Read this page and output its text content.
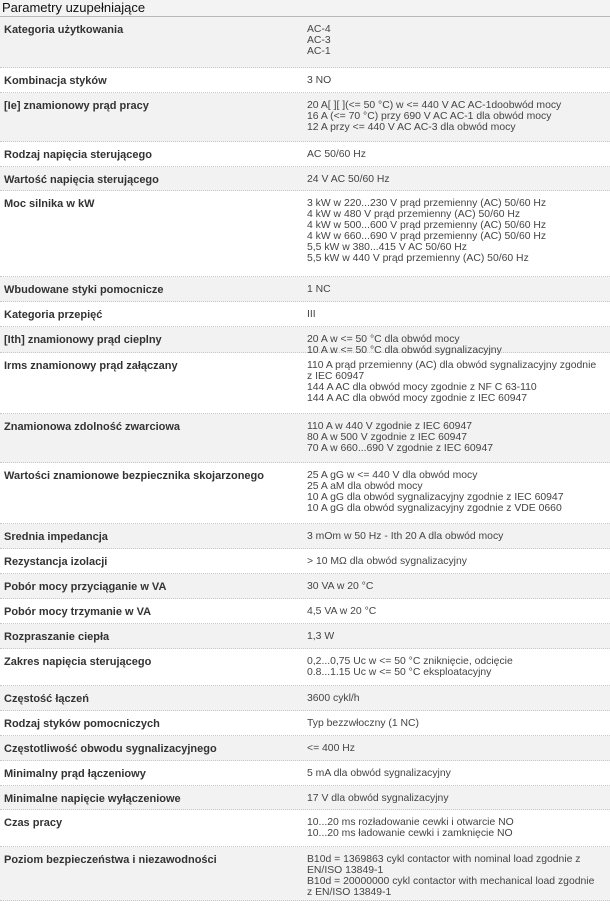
Parametry uzupełniające
Kategoria użytkowania	AC-4
AC-3
AC-1
Kombinacja styków	3 NO
[Ie] znamionowy prąd pracy	20 A[ ][ ](<= 50 °C) w <= 440 V AC AC-1doobwód mocy
16 A (<= 70 °C) przy 690 V AC AC-1 dla obwód mocy
12 A przy <= 440 V AC AC-3 dla obwód mocy
Rodzaj napięcia sterującego	AC 50/60 Hz
Wartość napięcia sterującego	24 V AC 50/60 Hz
Moc silnika w kW	3 kW w 220...230 V prąd przemienny (AC) 50/60 Hz
4 kW w 480 V prąd przemienny (AC) 50/60 Hz
4 kW w 500...600 V prąd przemienny (AC) 50/60 Hz
4 kW w 660...690 V prąd przemienny (AC) 50/60 Hz
5,5 kW w 380...415 V AC 50/60 Hz
5,5 kW w 440 V prąd przemienny (AC) 50/60 Hz
Wbudowane styki pomocnicze	1 NC
Kategoria przepięć	III
[Ith] znamionowy prąd cieplny	20 A w <= 50 °C dla obwód mocy
10 A w <= 50 °C dla obwód sygnalizacyjny
Irms znamionowy prąd załączany	110 A prąd przemienny (AC) dla obwód sygnalizacyjny zgodnie z IEC 60947
144 A AC dla obwód mocy zgodnie z NF C 63-110
144 A AC dla obwód mocy zgodnie z IEC 60947
Znamionowa zdolność zwarciowa	110 A w 440 V zgodnie z IEC 60947
80 A w 500 V zgodnie z IEC 60947
70 A w 660...690 V zgodnie z IEC 60947
Wartości znamionowe bezpiecznika skojarzonego	25 A gG w <= 440 V dla obwód mocy
25 A aM dla obwód mocy
10 A gG dla obwód sygnalizacyjny zgodnie z IEC 60947
10 A gG dla obwód sygnalizacyjny zgodnie z VDE 0660
Srednia impedancja	3 mOm w 50 Hz - Ith 20 A dla obwód mocy
Rezystancja izolacji	> 10 MΩ dla obwód sygnalizacyjny
Pobór mocy przyciąganie w VA	30 VA w 20 °C
Pobór mocy trzymanie w VA	4,5 VA w 20 °C
Rozpraszanie ciepła	1,3 W
Zakres napięcia sterującego	0,2...0,75 Uc w <= 50 °C zniknięcie, odcięcie
0.8...1.15 Uc w <= 50 °C eksploatacyjny
Częstość łączeń	3600 cykl/h
Rodzaj styków pomocniczych	Typ bezzwłoczny (1 NC)
Częstotliwość obwodu sygnalizacyjnego	<= 400 Hz
Minimalny prąd łączeniowy	5 mA dla obwód sygnalizacyjny
Minimalne napięcie wyłączeniowe	17 V dla obwód sygnalizacyjny
Czas pracy	10...20 ms rozładowanie cewki i otwarcie NO
10...20 ms ładowanie cewki i zamknięcie NO
Poziom bezpieczeństwa i niezawodności	B10d = 1369863 cykl contactor with nominal load zgodnie z EN/ISO 13849-1
B10d = 20000000 cykl contactor with mechanical load zgodnie z EN/ISO 13849-1
